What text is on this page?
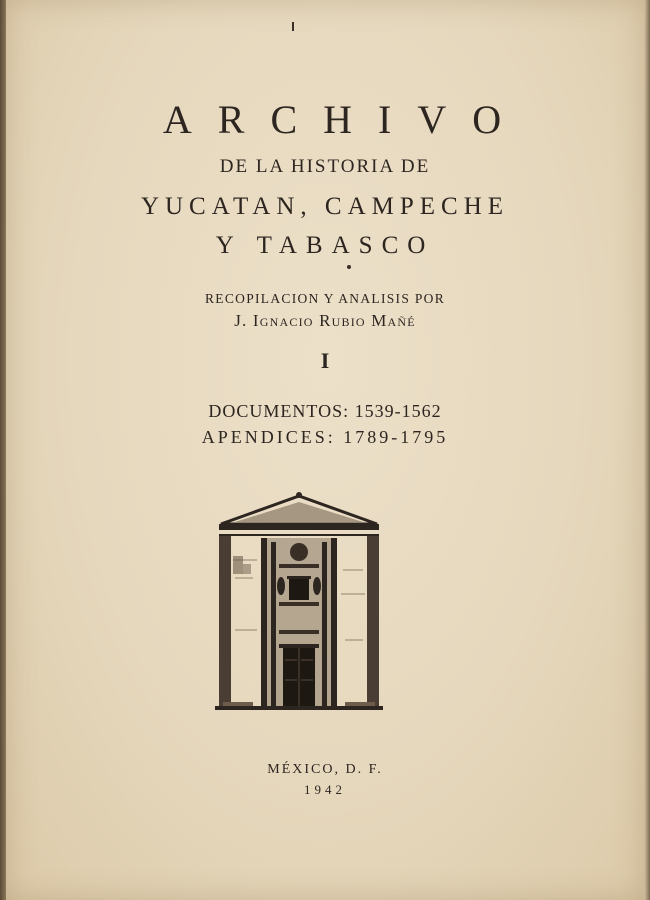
ARCHIVO
DE LA HISTORIA DE
YUCATAN, CAMPECHE
Y TABASCO
RECOPILACION Y ANALISIS POR
J. Ignacio Rubio Mañé
I
DOCUMENTOS: 1539-1562
APENDICES: 1789-1795
MÉXICO, D. F.
1942
